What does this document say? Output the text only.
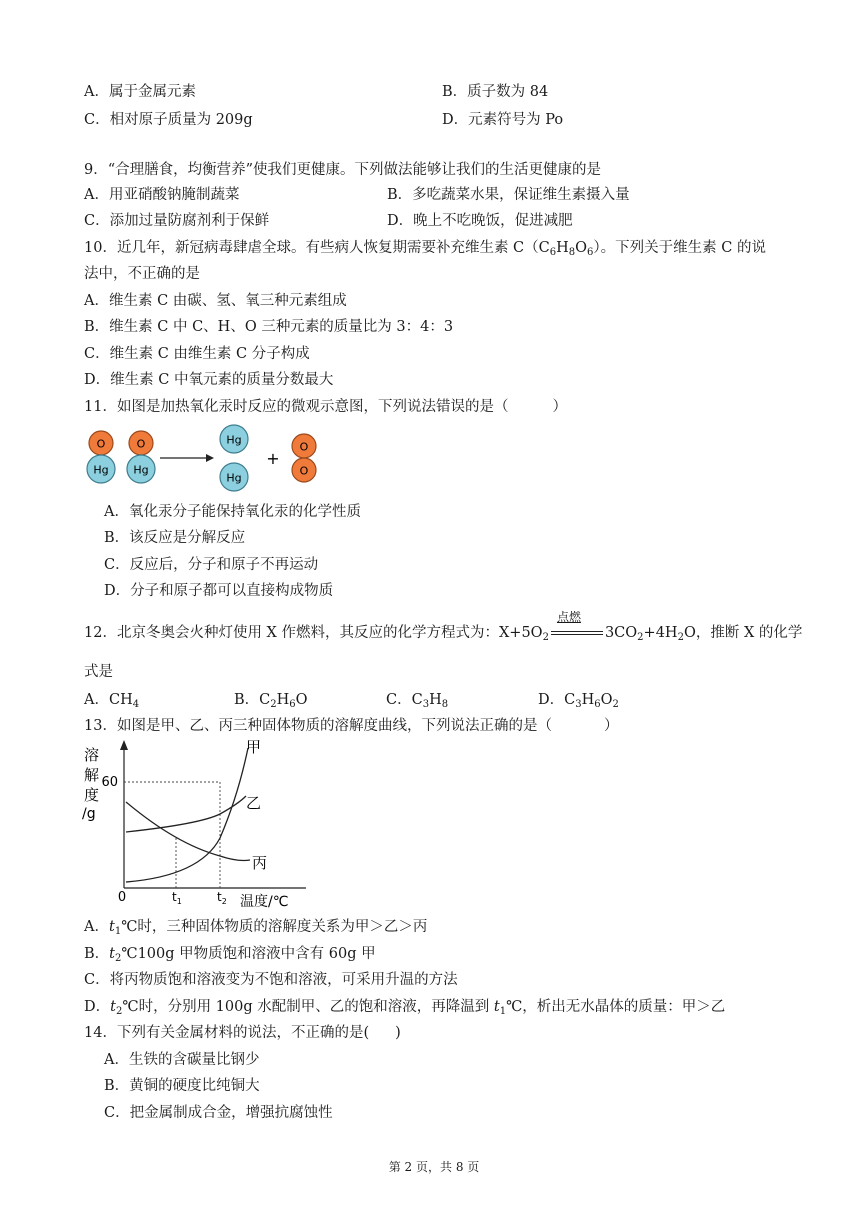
A．属于金属元素	B．质子数为 84
C．相对原子质量为 209g	D．元素符号为 Po
9．“合理膳食，均衡营养”使我们更健康。下列做法能够让我们的生活更健康的是
A．用亚硝酸钠腌制蔬菜	B．多吃蔬菜水果，保证维生素摄入量
C．添加过量防腐剂利于保鲜	D．晚上不吃晚饭，促进减肥
10．近几年，新冠病毒肆虐全球。有些病人恢复期需要补充维生素 $C(C_6H_8O_6)$。下列关于维生素 C 的说
法中，不正确的是
A．维生素 C 由碳、氢、氧三种元素组成
B．维生素 C 中 C、H、O 三种元素的质量比为 3：4：3
C．维生素 C 由维生素 C 分子构成
D．维生素 C 中氧元素的质量分数最大
11．如图是加热氧化汞时反应的微观示意图，下列说法错误的是（	）
O
Hg
O
Hg
Hg
Hg
+
O
O
A．氧化汞分子能保持氧化汞的化学性质
B．该反应是分解反应
C．反应后，分子和原子不再运动
D．分子和原子都可以直接构成物质
12．北京冬奥会火种灯使用 X 作燃料，其反应的化学方程式为：$X+5O_2$
点燃
$3CO_2+4H_2O$，推断 X 的化学
式是
A．$CH_4$	B．$C_2H_6O$	C．$C_3H_8$	D．$C_3H_6O_2$
13．如图是甲、乙、丙三种固体物质的溶解度曲线，下列说法正确的是（	）
溶
解
度
/g
60
0	$t_1$	$t_2$ 温度/℃
甲
乙
丙
A．$t_1℃$时，三种固体物质的溶解度关系为甲＞乙＞丙
B．$t_2℃100g$ 甲物质饱和溶液中含有 60g 甲
C．将丙物质饱和溶液变为不饱和溶液，可采用升温的方法
D．$t_2℃$时，分别用 100g 水配制甲、乙的饱和溶液，再降温到 $t_1℃$，析出无水晶体的质量：甲＞乙
14．下列有关金属材料的说法，不正确的是( )
A．生铁的含碳量比钢少
B．黄铜的硬度比纯铜大
C．把金属制成合金，增强抗腐蚀性
第 2 页，共 8 页
